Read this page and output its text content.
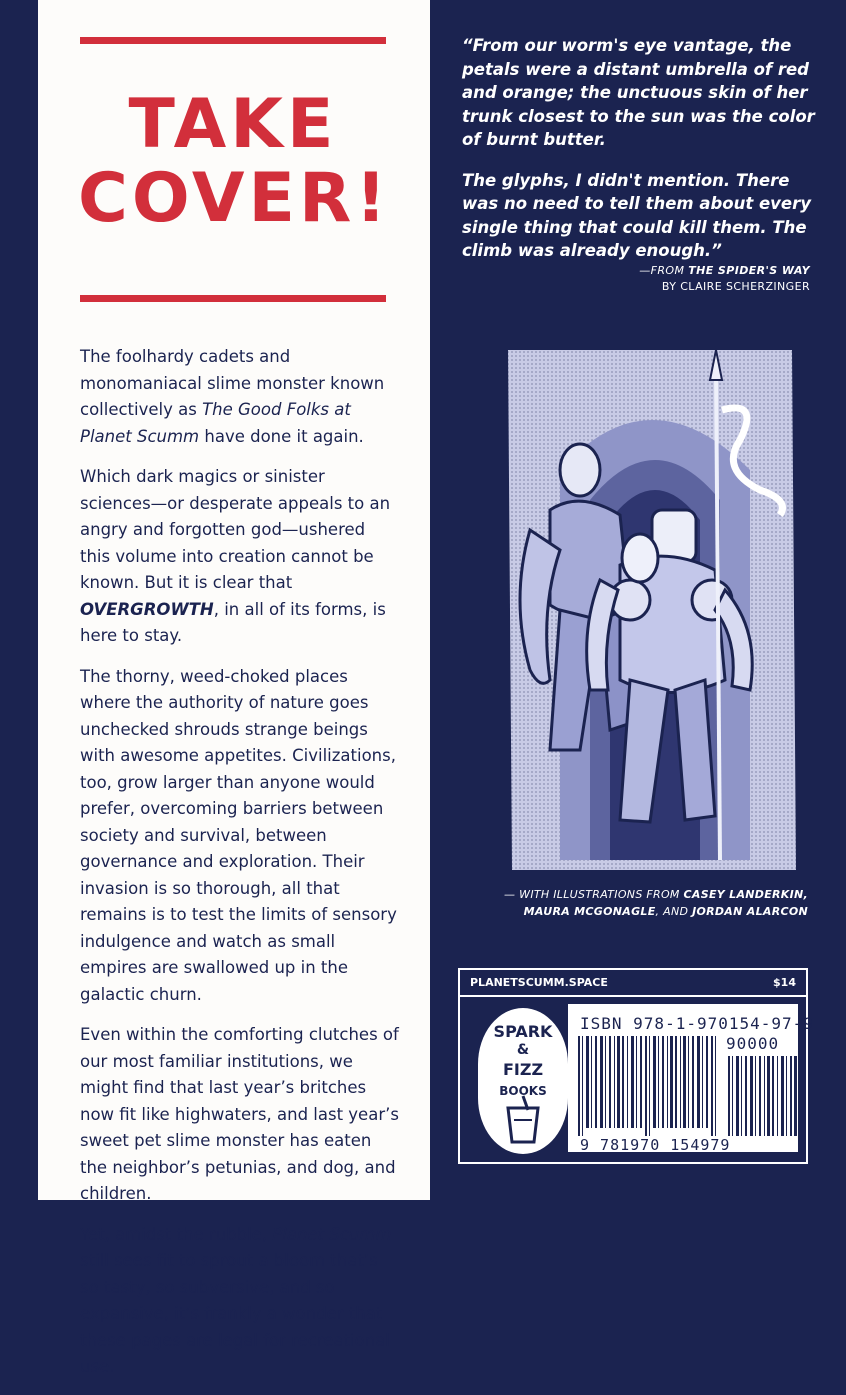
TAKE
COVER!

The foolhardy cadets and monomaniacal slime monster known collectively as The Good Folks at Planet Scumm have done it again.

Which dark magics or sinister sciences—or desperate appeals to an angry and forgotten god—ushered this volume into creation cannot be known. But it is clear that OVERGROWTH, in all of its forms, is here to stay.

The thorny, weed-choked places where the authority of nature goes unchecked shrouds strange beings with awesome appetites. Civilizations, too, grow larger than anyone would prefer, overcoming barriers between society and survival, between governance and exploration. Their invasion is so thorough, all that remains is to test the limits of sensory indulgence and watch as small empires are swallowed up in the galactic churn.

Even within the comforting clutches of our most familiar institutions, we might find that last year’s britches now fit like highwaters, and last year’s sweet pet slime monster has eaten the neighbor’s petunias, and dog, and children.

Yet, amidst the rubble, Planet Scumm still sees fit to sprout a bloom that’s so tasty, so subversive, and so expansive, it’s frankly a wonder that these pages are legal for recreational use.

“From our worm's eye vantage, the petals were a distant umbrella of red and orange; the unctuous skin of her trunk closest to the sun was the color of burnt butter.

The glyphs, I didn't mention. There was no need to tell them about every single thing that could kill them. The climb was already enough.”

—FROM THE SPIDER'S WAY
BY CLAIRE SCHERZINGER
— WITH ILLUSTRATIONS FROM CASEY LANDERKIN,
MAURA MCGONAGLE, AND JORDAN ALARCON
PLANETSCUMM.SPACE	$14
ISBN 978-1-970154-97-9
90000
9 781970 154979
SPARK
&
FIZZ
BOOKS
